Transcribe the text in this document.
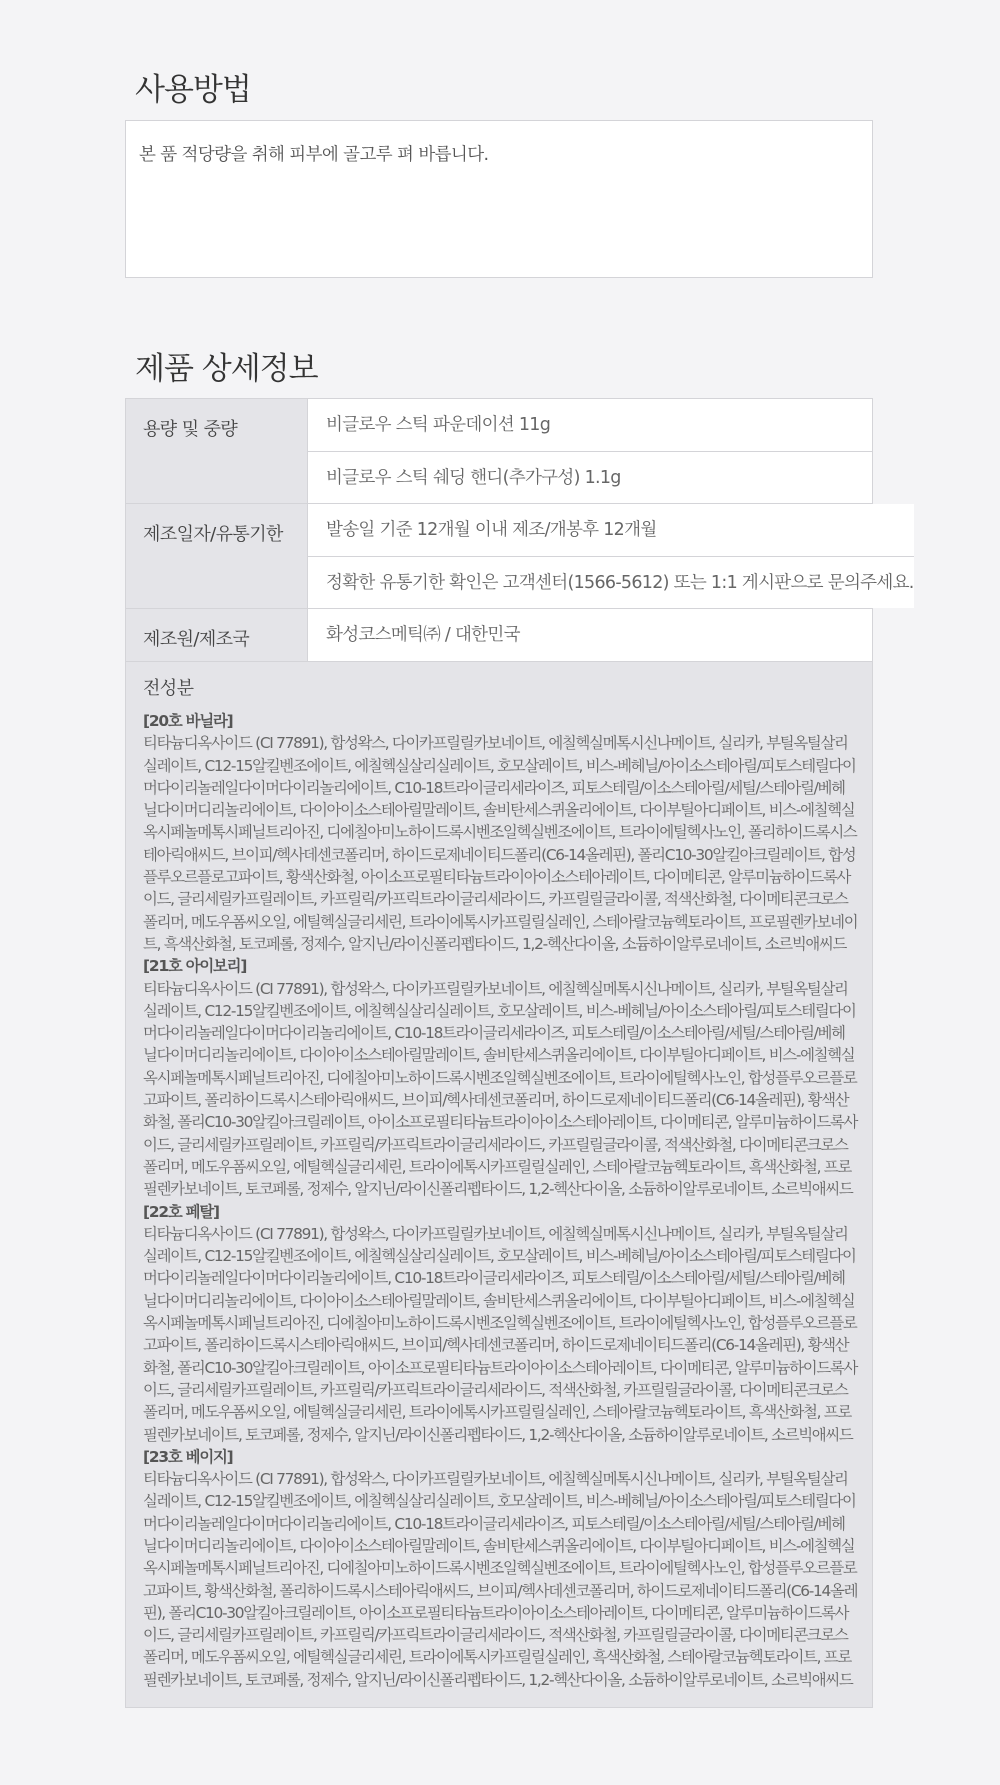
사용방법

본 품 적당량을 취해 피부에 골고루 펴 바릅니다.

제품 상세정보
용량 및 중량	비글로우 스틱 파운데이션 11g
비글로우 스틱 쉐딩 핸디(추가구성) 1.1g
제조일자/유통기한	발송일 기준 12개월 이내 제조/개봉후 12개월
정확한 유통기한 확인은 고객센터(1566-5612) 또는 1:1 게시판으로 문의주세요.
제조원/제조국	화성코스메틱㈜ / 대한민국

전성분

[20호 바닐라]

티타늄디옥사이드 (CI 77891), 합성왁스, 다이카프릴릴카보네이트, 에칠헥실메톡시신나메이트, 실리카, 부틸옥틸살리실레이트, C12-15알킬벤조에이트, 에칠헥실살리실레이트, 호모살레이트, 비스-베헤닐/아이소스테아릴/피토스테릴다이머다이리놀레일다이머다이리놀리에이트, C10-18트라이글리세라이즈, 피토스테릴/이소스테아릴/세틸/스테아릴/베헤닐다이머디리놀리에이트, 다이아이소스테아릴말레이트, 솔비탄세스퀴올리에이트, 다이부틸아디페이트, 비스-에칠헥실옥시페놀메톡시페닐트리아진, 디에칠아미노하이드록시벤조일헥실벤조에이트, 트라이에틸헥사노인, 폴리하이드록시스테아릭애씨드, 브이피/헥사데센코폴리머, 하이드로제네이티드폴리(C6-14올레핀), 폴리C10-30알킬아크릴레이트, 합성플루오르플로고파이트, 황색산화철, 아이소프로필티타늄트라이아이소스테아레이트, 다이메티콘, 알루미늄하이드록사이드, 글리세릴카프릴레이트, 카프릴릭/카프릭트라이글리세라이드, 카프릴릴글라이콜, 적색산화철, 다이메티콘크로스폴리머, 메도우폼씨오일, 에틸헥실글리세린, 트라이에톡시카프릴릴실레인, 스테아랄코늄헥토라이트, 프로필렌카보네이트, 흑색산화철, 토코페롤, 정제수, 알지닌/라이신폴리펩타이드, 1,2-헥산다이올, 소듐하이알루로네이트, 소르빅애씨드

[21호 아이보리]

티타늄디옥사이드 (CI 77891), 합성왁스, 다이카프릴릴카보네이트, 에칠헥실메톡시신나메이트, 실리카, 부틸옥틸살리실레이트, C12-15알킬벤조에이트, 에칠헥실살리실레이트, 호모살레이트, 비스-베헤닐/아이소스테아릴/피토스테릴다이머다이리놀레일다이머다이리놀리에이트, C10-18트라이글리세라이즈, 피토스테릴/이소스테아릴/세틸/스테아릴/베헤닐다이머디리놀리에이트, 다이아이소스테아릴말레이트, 솔비탄세스퀴올리에이트, 다이부틸아디페이트, 비스-에칠헥실옥시페놀메톡시페닐트리아진, 디에칠아미노하이드록시벤조일헥실벤조에이트, 트라이에틸헥사노인, 합성플루오르플로고파이트, 폴리하이드록시스테아릭애씨드, 브이피/헥사데센코폴리머, 하이드로제네이티드폴리(C6-14올레핀), 황색산화철, 폴리C10-30알킬아크릴레이트, 아이소프로필티타늄트라이아이소스테아레이트, 다이메티콘, 알루미늄하이드록사이드, 글리세릴카프릴레이트, 카프릴릭/카프릭트라이글리세라이드, 카프릴릴글라이콜, 적색산화철, 다이메티콘크로스폴리머, 메도우폼씨오일, 에틸헥실글리세린, 트라이에톡시카프릴릴실레인, 스테아랄코늄헥토라이트, 흑색산화철, 프로필렌카보네이트, 토코페롤, 정제수, 알지닌/라이신폴리펩타이드, 1,2-헥산다이올, 소듐하이알루로네이트, 소르빅애씨드

[22호 페탈]

티타늄디옥사이드 (CI 77891), 합성왁스, 다이카프릴릴카보네이트, 에칠헥실메톡시신나메이트, 실리카, 부틸옥틸살리실레이트, C12-15알킬벤조에이트, 에칠헥실살리실레이트, 호모살레이트, 비스-베헤닐/아이소스테아릴/피토스테릴다이머다이리놀레일다이머다이리놀리에이트, C10-18트라이글리세라이즈, 피토스테릴/이소스테아릴/세틸/스테아릴/베헤닐다이머디리놀리에이트, 다이아이소스테아릴말레이트, 솔비탄세스퀴올리에이트, 다이부틸아디페이트, 비스-에칠헥실옥시페놀메톡시페닐트리아진, 디에칠아미노하이드록시벤조일헥실벤조에이트, 트라이에틸헥사노인, 합성플루오르플로고파이트, 폴리하이드록시스테아릭애씨드, 브이피/헥사데센코폴리머, 하이드로제네이티드폴리(C6-14올레핀), 황색산화철, 폴리C10-30알킬아크릴레이트, 아이소프로필티타늄트라이아이소스테아레이트, 다이메티콘, 알루미늄하이드록사이드, 글리세릴카프릴레이트, 카프릴릭/카프릭트라이글리세라이드, 적색산화철, 카프릴릴글라이콜, 다이메티콘크로스폴리머, 메도우폼씨오일, 에틸헥실글리세린, 트라이에톡시카프릴릴실레인, 스테아랄코늄헥토라이트, 흑색산화철, 프로필렌카보네이트, 토코페롤, 정제수, 알지닌/라이신폴리펩타이드, 1,2-헥산다이올, 소듐하이알루로네이트, 소르빅애씨드

[23호 베이지]

티타늄디옥사이드 (CI 77891), 합성왁스, 다이카프릴릴카보네이트, 에칠헥실메톡시신나메이트, 실리카, 부틸옥틸살리실레이트, C12-15알킬벤조에이트, 에칠헥실살리실레이트, 호모살레이트, 비스-베헤닐/아이소스테아릴/피토스테릴다이머다이리놀레일다이머다이리놀리에이트, C10-18트라이글리세라이즈, 피토스테릴/이소스테아릴/세틸/스테아릴/베헤닐다이머디리놀리에이트, 다이아이소스테아릴말레이트, 솔비탄세스퀴올리에이트, 다이부틸아디페이트, 비스-에칠헥실옥시페놀메톡시페닐트리아진, 디에칠아미노하이드록시벤조일헥실벤조에이트, 트라이에틸헥사노인, 합성플루오르플로고파이트, 황색산화철, 폴리하이드록시스테아릭애씨드, 브이피/헥사데센코폴리머, 하이드로제네이티드폴리(C6-14올레핀), 폴리C10-30알킬아크릴레이트, 아이소프로필티타늄트라이아이소스테아레이트, 다이메티콘, 알루미늄하이드록사이드, 글리세릴카프릴레이트, 카프릴릭/카프릭트라이글리세라이드, 적색산화철, 카프릴릴글라이콜, 다이메티콘크로스폴리머, 메도우폼씨오일, 에틸헥실글리세린, 트라이에톡시카프릴릴실레인, 흑색산화철, 스테아랄코늄헥토라이트, 프로필렌카보네이트, 토코페롤, 정제수, 알지닌/라이신폴리펩타이드, 1,2-헥산다이올, 소듐하이알루로네이트, 소르빅애씨드
